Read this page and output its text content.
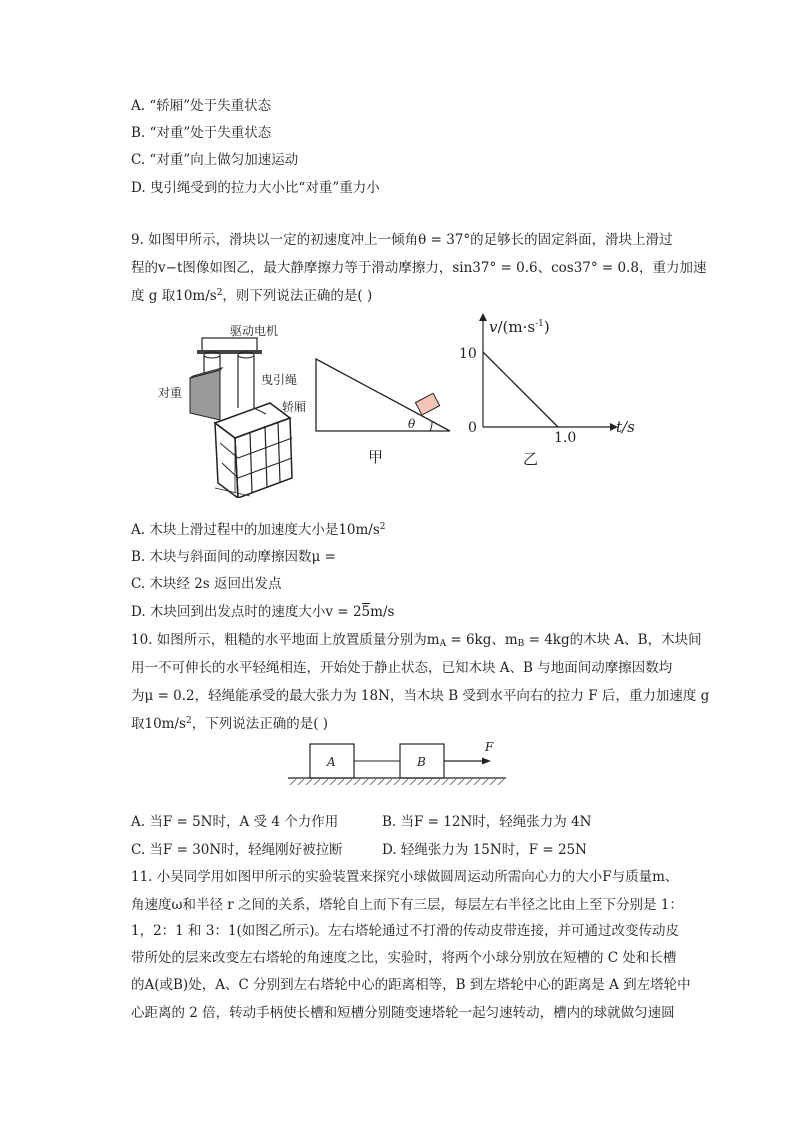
A. “轿厢”处于失重状态
B. “对重”处于失重状态
C. “对重”向上做匀加速运动
D. 曳引绳受到的拉力大小比“对重”重力小
9. 如图甲所示，滑块以一定的初速度冲上一倾角θ = 37°的足够长的固定斜面，滑块上滑过
程的v−t图像如图乙，最大静摩擦力等于滑动摩擦力，sin37° = 0.6、cos37° = 0.8，重力加速
度 g 取$10m/s^2$，则下列说法正确的是( )
驱动电机
对重
曳引绳
轿厢
θ
甲
$v/(m\cdot s^{-1})$
10
0
1.0
t/s
乙
A. 木块上滑过程中的加速度大小是$10m/s^2$
B. 木块与斜面间的动摩擦因数μ =
C. 木块经 2s 返回出发点
D. 木块回到出发点时的速度大小v = 25m/s
10. 如图所示，粗糙的水平地面上放置质量分别为$m_A = 6kg$、$m_B = 4kg$的木块 A、B，木块间
用一不可伸长的水平轻绳相连，开始处于静止状态，已知木块 A、B 与地面间动摩擦因数均
为μ = 0.2，轻绳能承受的最大张力为 18N，当木块 B 受到水平向右的拉力 F 后，重力加速度 g
取$10m/s^2$，下列说法正确的是( )
A	B
F
A. 当F = 5N时，A 受 4 个力作用	B. 当F = 12N时，轻绳张力为 4N
C. 当F = 30N时，轻绳刚好被拉断	D. 轻绳张力为 15N时，F = 25N
11. 小吴同学用如图甲所示的实验装置来探究小球做圆周运动所需向心力的大小F与质量m、
角速度ω和半径 r 之间的关系，塔轮自上而下有三层，每层左右半径之比由上至下分别是 1：
1，2：1 和 3：1(如图乙所示)。左右塔轮通过不打滑的传动皮带连接，并可通过改变传动皮
带所处的层来改变左右塔轮的角速度之比，实验时，将两个小球分别放在短槽的 C 处和长槽
的A(或B)处，A、C 分别到左右塔轮中心的距离相等，B 到左塔轮中心的距离是 A 到左塔轮中
心距离的 2 倍，转动手柄使长槽和短槽分别随变速塔轮一起匀速转动，槽内的球就做匀速圆
